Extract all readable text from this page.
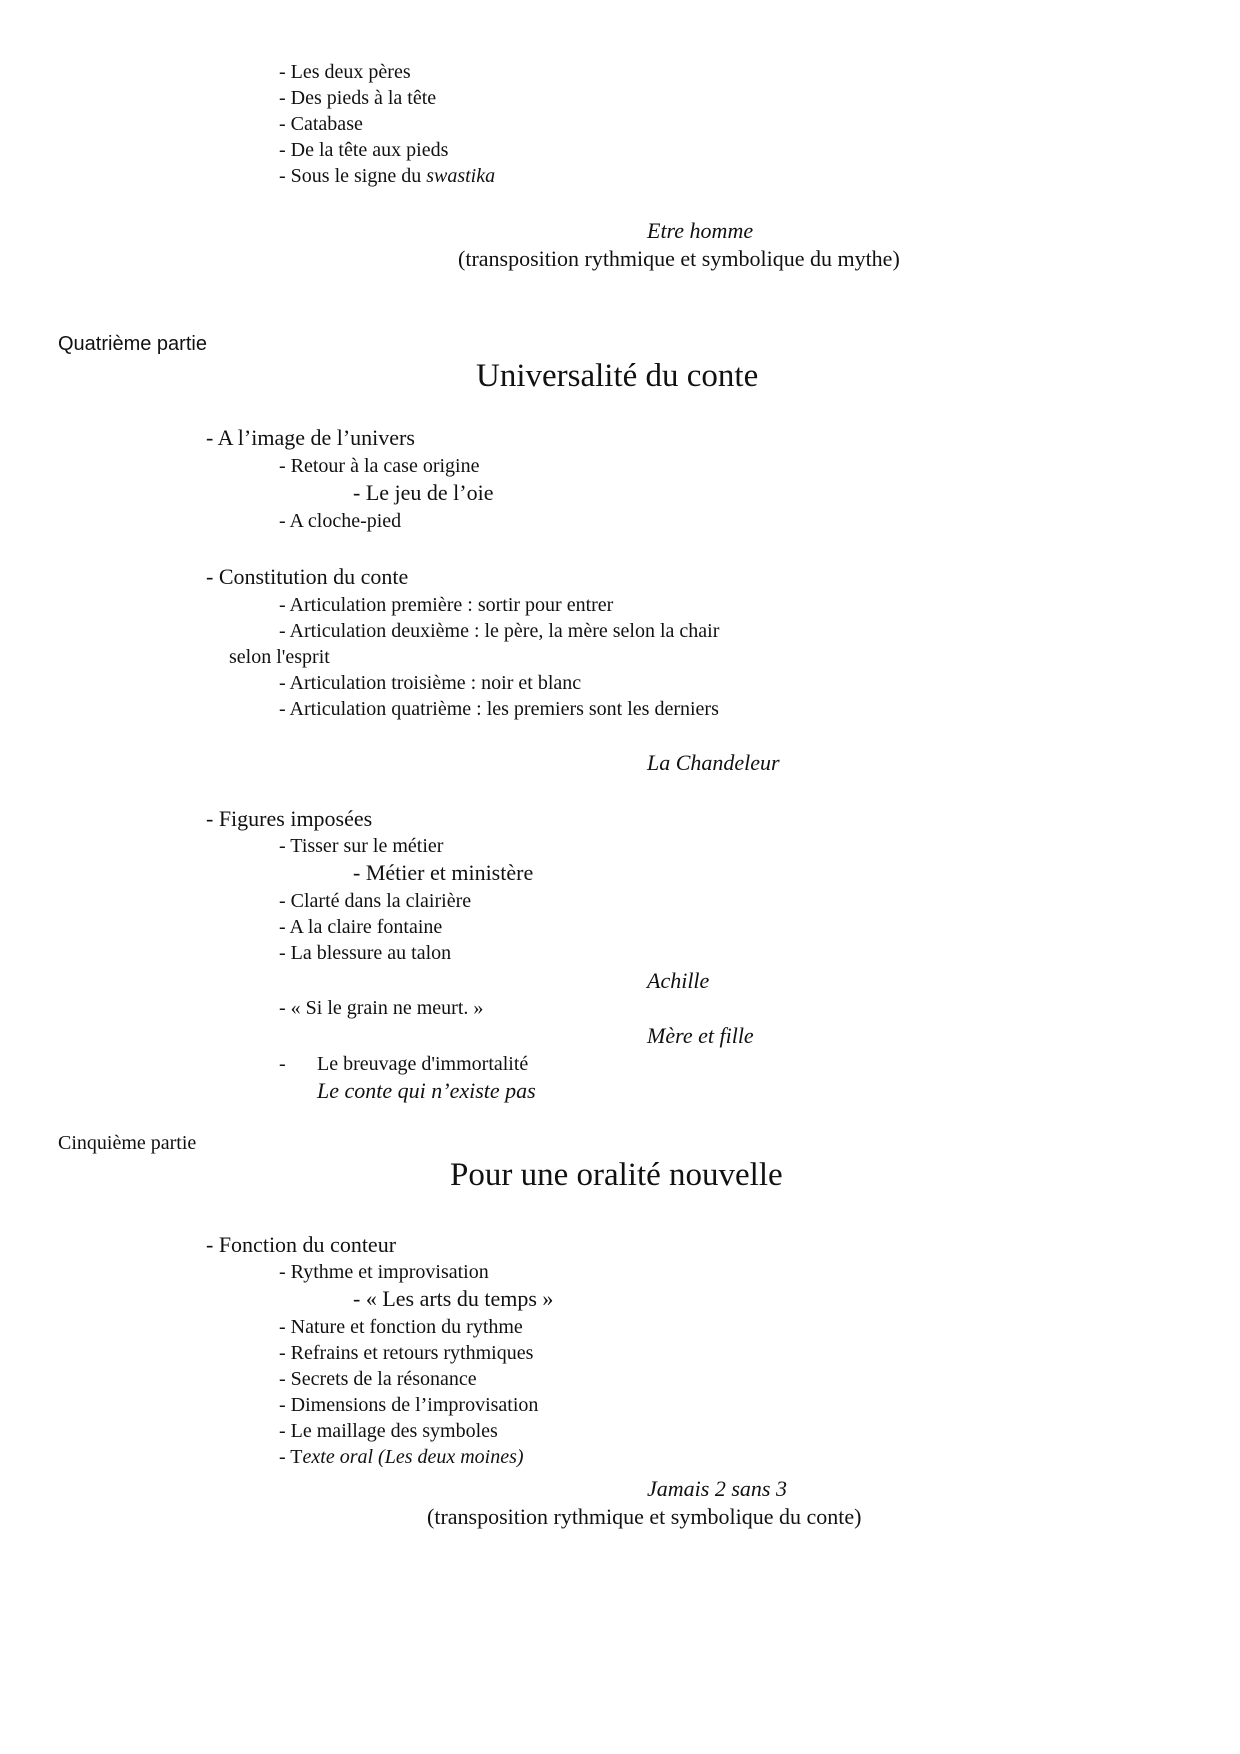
- Les deux pères
- Des pieds à la tête
- Catabase
- De la tête aux pieds
- Sous le signe du swastika
Etre homme
(transposition rythmique et symbolique du mythe)
Quatrième partie
Universalité du conte
- A l’image de l’univers
- Retour à la case origine
- Le jeu de l’oie
- A cloche-pied
- Constitution du conte
- Articulation première : sortir pour entrer
- Articulation deuxième : le père, la mère selon la chair
selon l'esprit
- Articulation troisième : noir et blanc
- Articulation quatrième : les premiers sont les derniers
La Chandeleur
- Figures imposées
- Tisser sur le métier
- Métier et ministère
- Clarté dans la clairière
- A la claire fontaine
- La blessure au talon
Achille
- « Si le grain ne meurt. »
Mère et fille
- Le breuvage d'immortalité
Le conte qui n’existe pas
Cinquième partie
Pour une oralité nouvelle
- Fonction du conteur
- Rythme et improvisation
- « Les arts du temps »
- Nature et fonction du rythme
- Refrains et retours rythmiques
- Secrets de la résonance
- Dimensions de l’improvisation
- Le maillage des symboles
- Texte oral (Les deux moines)
Jamais 2 sans 3
(transposition rythmique et symbolique du conte)
